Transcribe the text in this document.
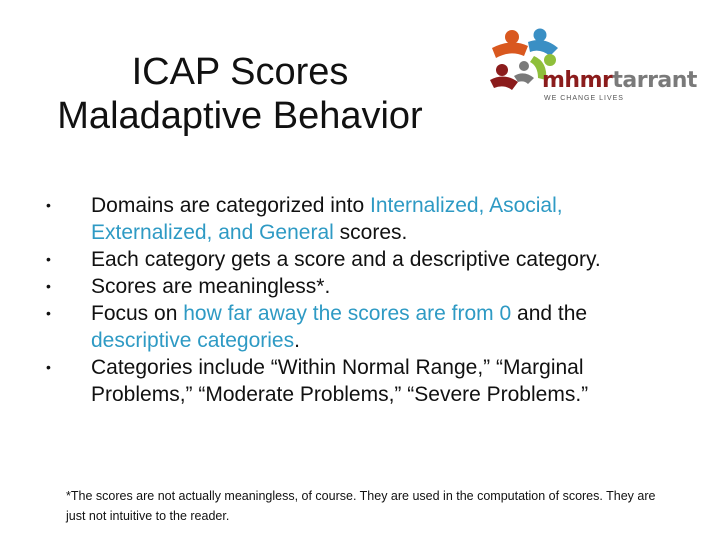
ICAP Scores
Maladaptive Behavior
mhmrtarrant
WE CHANGE LIVES
• Domains are categorized into Internalized, Asocial, Externalized, and General scores.
• Each category gets a score and a descriptive category.
• Scores are meaningless*.
• Focus on how far away the scores are from 0 and the descriptive categories.
• Categories include “Within Normal Range,” “Marginal Problems,” “Moderate Problems,” “Severe Problems.”
*The scores are not actually meaningless, of course. They are used in the computation of scores. They are just not intuitive to the reader.
